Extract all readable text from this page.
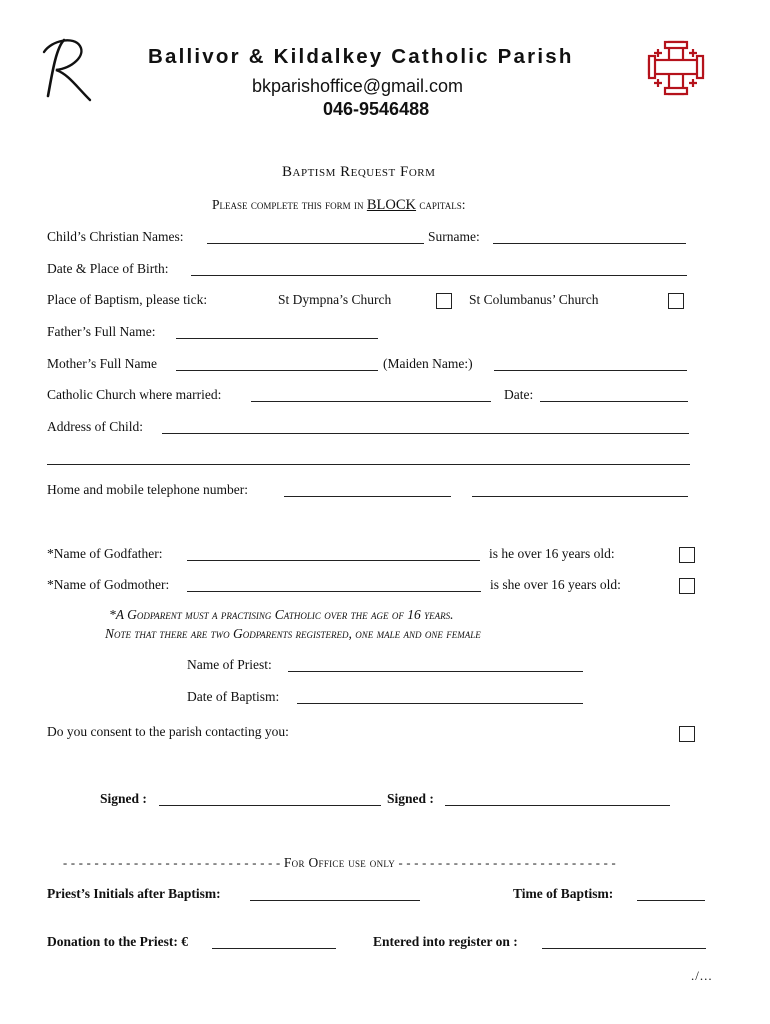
Ballivor & Kildalkey Catholic Parish
bkparishoffice@gmail.com
046-9546488
Baptism Request Form
Please complete this form in BLOCK capitals:
Child’s Christian Names:	Surname:
Date & Place of Birth:
Place of Baptism, please tick:	St Dympna’s Church	St Columbanus’ Church
Father’s Full Name:
Mother’s Full Name	(Maiden Name:)
Catholic Church where married:	Date:
Address of Child:
Home and mobile telephone number:
*Name of Godfather:	is he over 16 years old:
*Name of Godmother:	is she over 16 years old:
*A Godparent must a practising Catholic over the age of 16 years.
Note that there are two Godparents registered, one male and one female
Name of Priest:
Date of Baptism:
Do you consent to the parish contacting you:
Signed :	Signed :
- - - - - - - - - - - - - - - - - - - - - - - - - - - - For Office use only - - - - - - - - - - - - - - - - - - - - - - - - - - - -
Priest’s Initials after Baptism:	Time of Baptism:
Donation to the Priest: €	Entered into register on :
./...
